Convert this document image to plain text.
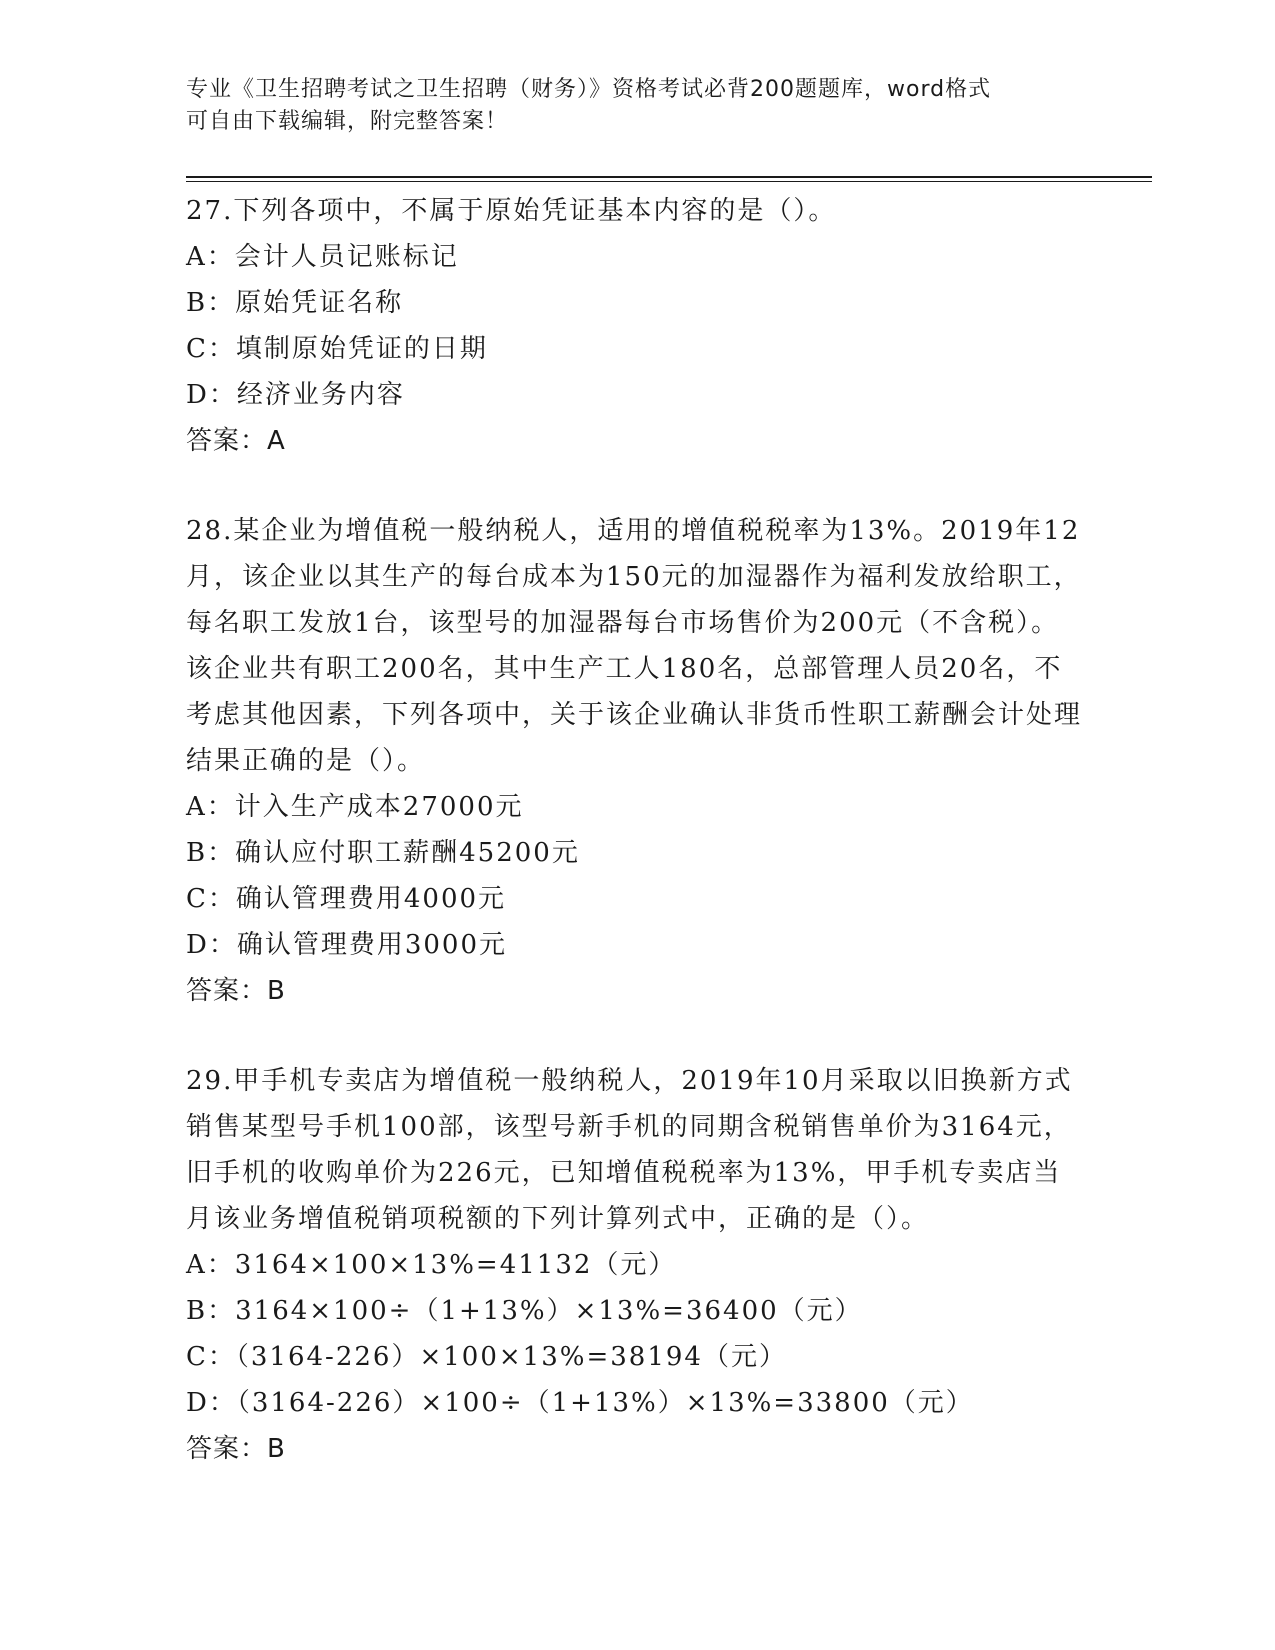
专业《卫生招聘考试之卫生招聘（财务）》资格考试必背200题题库，word格式
可自由下载编辑，附完整答案！
27.下列各项中，不属于原始凭证基本内容的是（）。
A：会计人员记账标记
B：原始凭证名称
C：填制原始凭证的日期
D：经济业务内容
答案：A
28.某企业为增值税一般纳税人，适用的增值税税率为13%。2019年12月，该企业以其生产的每台成本为150元的加湿器作为福利发放给职工，每名职工发放1台，该型号的加湿器每台市场售价为200元（不含税）。该企业共有职工200名，其中生产工人180名，总部管理人员20名，不考虑其他因素，下列各项中，关于该企业确认非货币性职工薪酬会计处理结果正确的是（）。
A：计入生产成本27000元
B：确认应付职工薪酬45200元
C：确认管理费用4000元
D：确认管理费用3000元
答案：B
29.甲手机专卖店为增值税一般纳税人，2019年10月采取以旧换新方式销售某型号手机100部，该型号新手机的同期含税销售单价为3164元，旧手机的收购单价为226元，已知增值税税率为13%，甲手机专卖店当月该业务增值税销项税额的下列计算列式中，正确的是（）。
A：3164×100×13%=41132（元）
B：3164×100÷（1+13%）×13%=36400（元）
C：（3164-226）×100×13%=38194（元）
D：（3164-226）×100÷（1+13%）×13%=33800（元）
答案：B
